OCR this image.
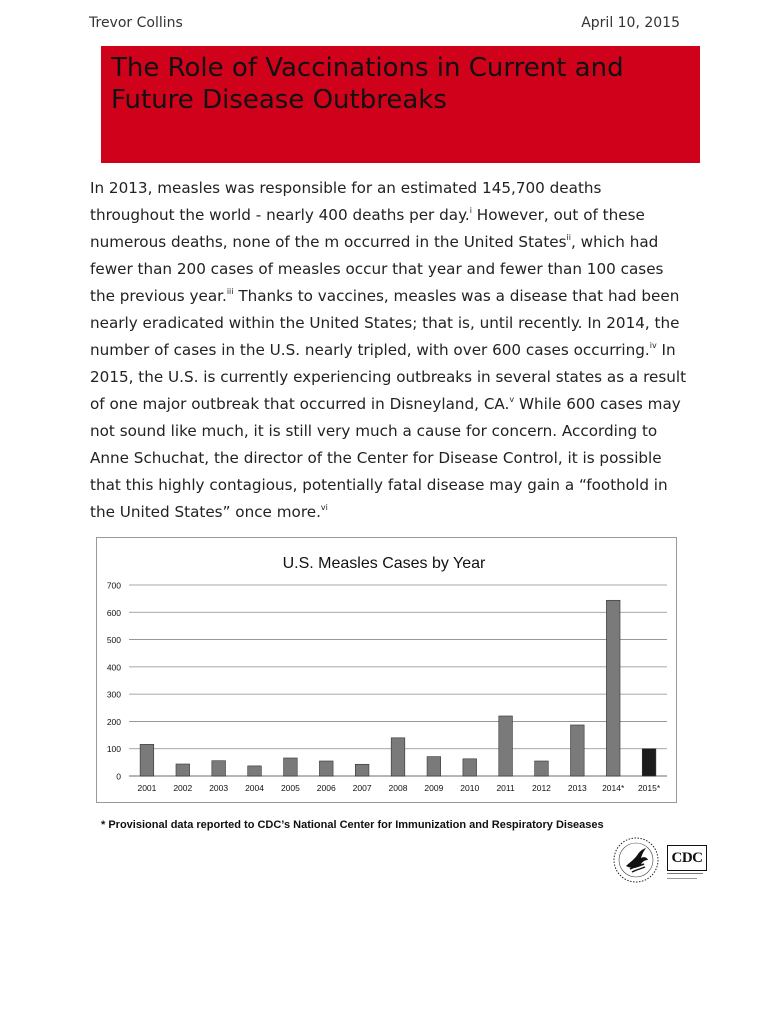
Trevor Collins	April 10, 2015
The Role of Vaccinations in Current and Future Disease Outbreaks
In 2013, measles was responsible for an estimated 145,700 deaths throughout the world - nearly 400 deaths per day.$^i$ However, out of these numerous deaths, none of the m occurred in the United States$^{ii}$, which had fewer than 200 cases of measles occur that year and fewer than 100 cases the previous year.$^{iii}$ Thanks to vaccines, measles was a disease that had been nearly eradicated within the United States; that is, until recently. In 2014, the number of cases in the U.S. nearly tripled, with over 600 cases occurring.$^{iv}$ In 2015, the U.S. is currently experiencing outbreaks in several states as a result of one major outbreak that occurred in Disneyland, CA.$^v$ While 600 cases may not sound like much, it is still very much a cause for concern. According to Anne Schuchat, the director of the Center for Disease Control, it is possible that this highly contagious, potentially fatal disease may gain a “foothold in the United States” once more.$^{vi}$
U.S. Measles Cases by Year
0
100
200
300
400
500
600
700
2001 2002 2003 2004 2005 2006 2007 2008 2009 2010 2011 2012 2013 2014* 2015*
* Provisional data reported to CDC’s National Center for Immunization and Respiratory Diseases
CDC
